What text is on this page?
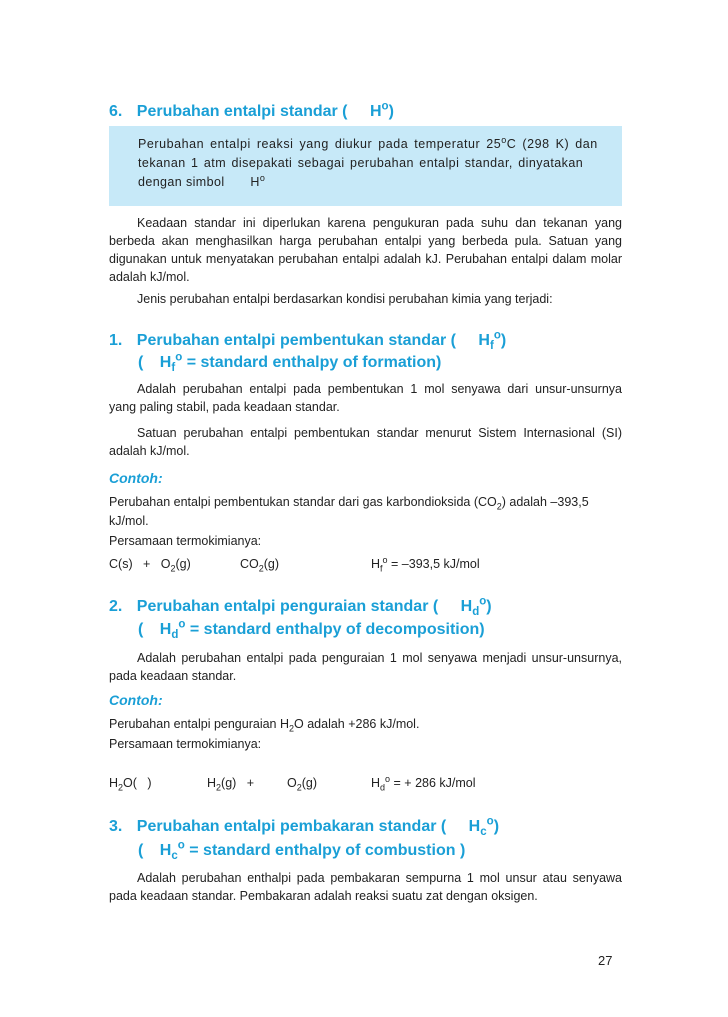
6. Perubahan entalpi standar ( $H^o$)
Perubahan entalpi reaksi yang diukur pada temperatur 25$^o$C (298 K) dan
tekanan 1 atm disepakati sebagai perubahan entalpi standar, dinyatakan
dengan simbol $H^o$
Keadaan standar ini diperlukan karena pengukuran pada suhu dan tekanan yang berbeda akan menghasilkan harga perubahan entalpi yang berbeda pula. Satuan yang digunakan untuk menyatakan perubahan entalpi adalah kJ. Perubahan entalpi dalam molar adalah kJ/mol.
Jenis perubahan entalpi berdasarkan kondisi perubahan kimia yang terjadi:
1. Perubahan entalpi pembentukan standar ( $H_f^o$)
( $H_f^o$ = standard enthalpy of formation)
Adalah perubahan entalpi pada pembentukan 1 mol senyawa dari unsur-unsurnya yang paling stabil, pada keadaan standar.
Satuan perubahan entalpi pembentukan standar menurut Sistem Internasional (SI) adalah kJ/mol.
Contoh:
Perubahan entalpi pembentukan standar dari gas karbondioksida $(CO_2)$ adalah –393,5
kJ/mol.
Persamaan termokimianya:
$C(s) + O_2(g)$	$CO_2(g)$	$H_f^o = -393,5$ kJ/mol
2. Perubahan entalpi penguraian standar ( $H_d^o$)
( $H_d^o$ = standard enthalpy of decomposition)
Adalah perubahan entalpi pada penguraian 1 mol senyawa menjadi unsur-unsurnya, pada keadaan standar.
Contoh:
Perubahan entalpi penguraian $H_2O$ adalah +286 kJ/mol.
Persamaan termokimianya:
$H_2O$(   )	$H_2(g)$   +	$O_2(g)$	$H_d^o$ = + 286 kJ/mol
3. Perubahan entalpi pembakaran standar ( $H_c^o$)
( $H_c^o$ = standard enthalpy of combustion )
Adalah perubahan enthalpi pada pembakaran sempurna 1 mol unsur atau senyawa pada keadaan standar. Pembakaran adalah reaksi suatu zat dengan oksigen.
27
